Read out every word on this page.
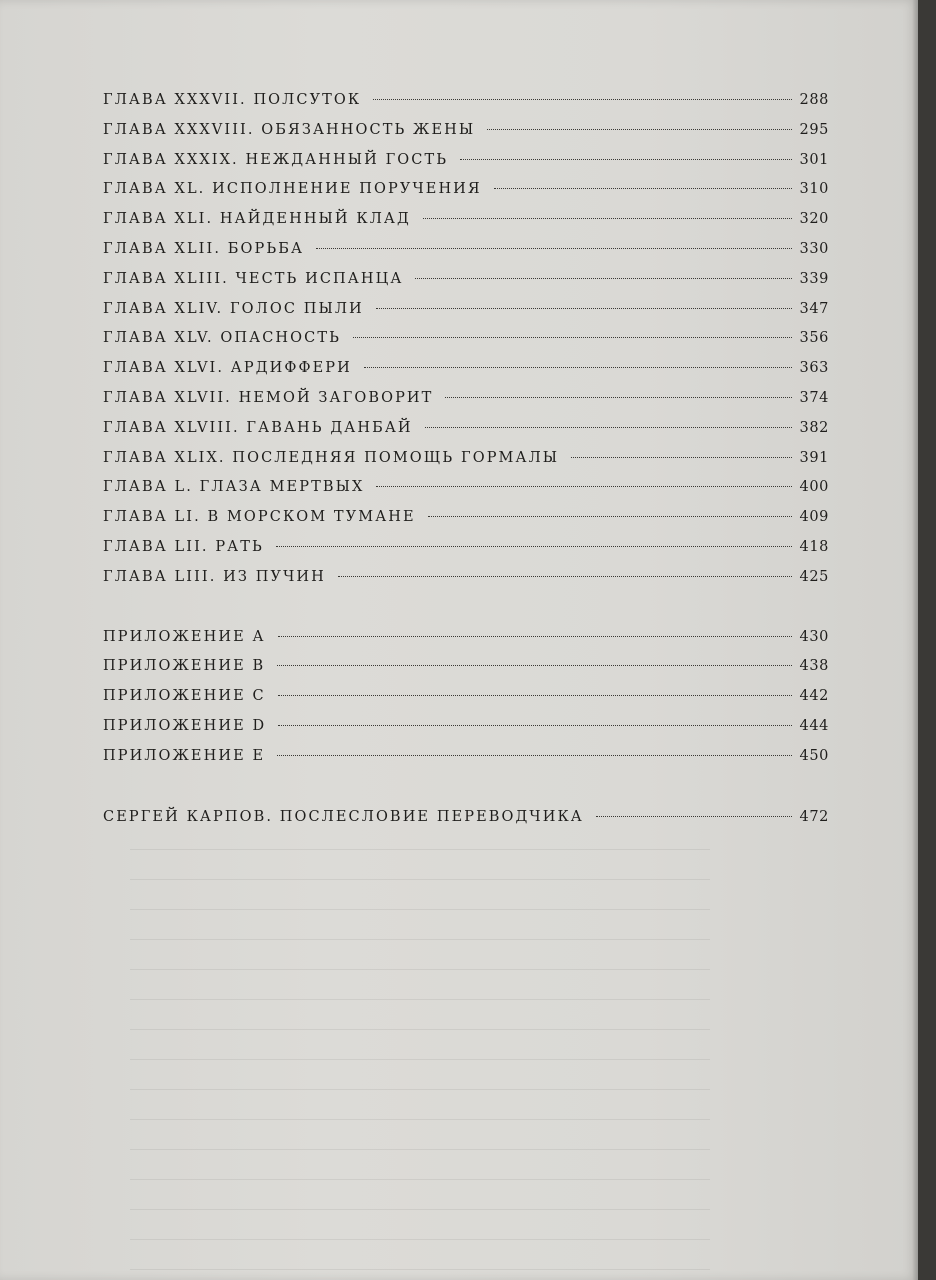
ГЛАВА XXXVII. ПОЛСУТОК	288
ГЛАВА XXXVIII. ОБЯЗАННОСТЬ ЖЕНЫ	295
ГЛАВА XXXIX. НЕЖДАННЫЙ ГОСТЬ	301
ГЛАВА XL. ИСПОЛНЕНИЕ ПОРУЧЕНИЯ	310
ГЛАВА XLI. НАЙДЕННЫЙ КЛАД	320
ГЛАВА XLII. БОРЬБА	330
ГЛАВА XLIII. ЧЕСТЬ ИСПАНЦА	339
ГЛАВА XLIV. ГОЛОС ПЫЛИ	347
ГЛАВА XLV. ОПАСНОСТЬ	356
ГЛАВА XLVI. АРДИФФЕРИ	363
ГЛАВА XLVII. НЕМОЙ ЗАГОВОРИТ	374
ГЛАВА XLVIII. ГАВАНЬ ДАНБАЙ	382
ГЛАВА XLIX. ПОСЛЕДНЯЯ ПОМОЩЬ ГОРМАЛЫ	391
ГЛАВА L. ГЛАЗА МЕРТВЫХ	400
ГЛАВА LI. В МОРСКОМ ТУМАНЕ	409
ГЛАВА LII. РАТЬ	418
ГЛАВА LIII. ИЗ ПУЧИН	425
ПРИЛОЖЕНИЕ А	430
ПРИЛОЖЕНИЕ В	438
ПРИЛОЖЕНИЕ С	442
ПРИЛОЖЕНИЕ D	444
ПРИЛОЖЕНИЕ Е	450
СЕРГЕЙ КАРПОВ. ПОСЛЕСЛОВИЕ ПЕРЕВОДЧИКА	472
